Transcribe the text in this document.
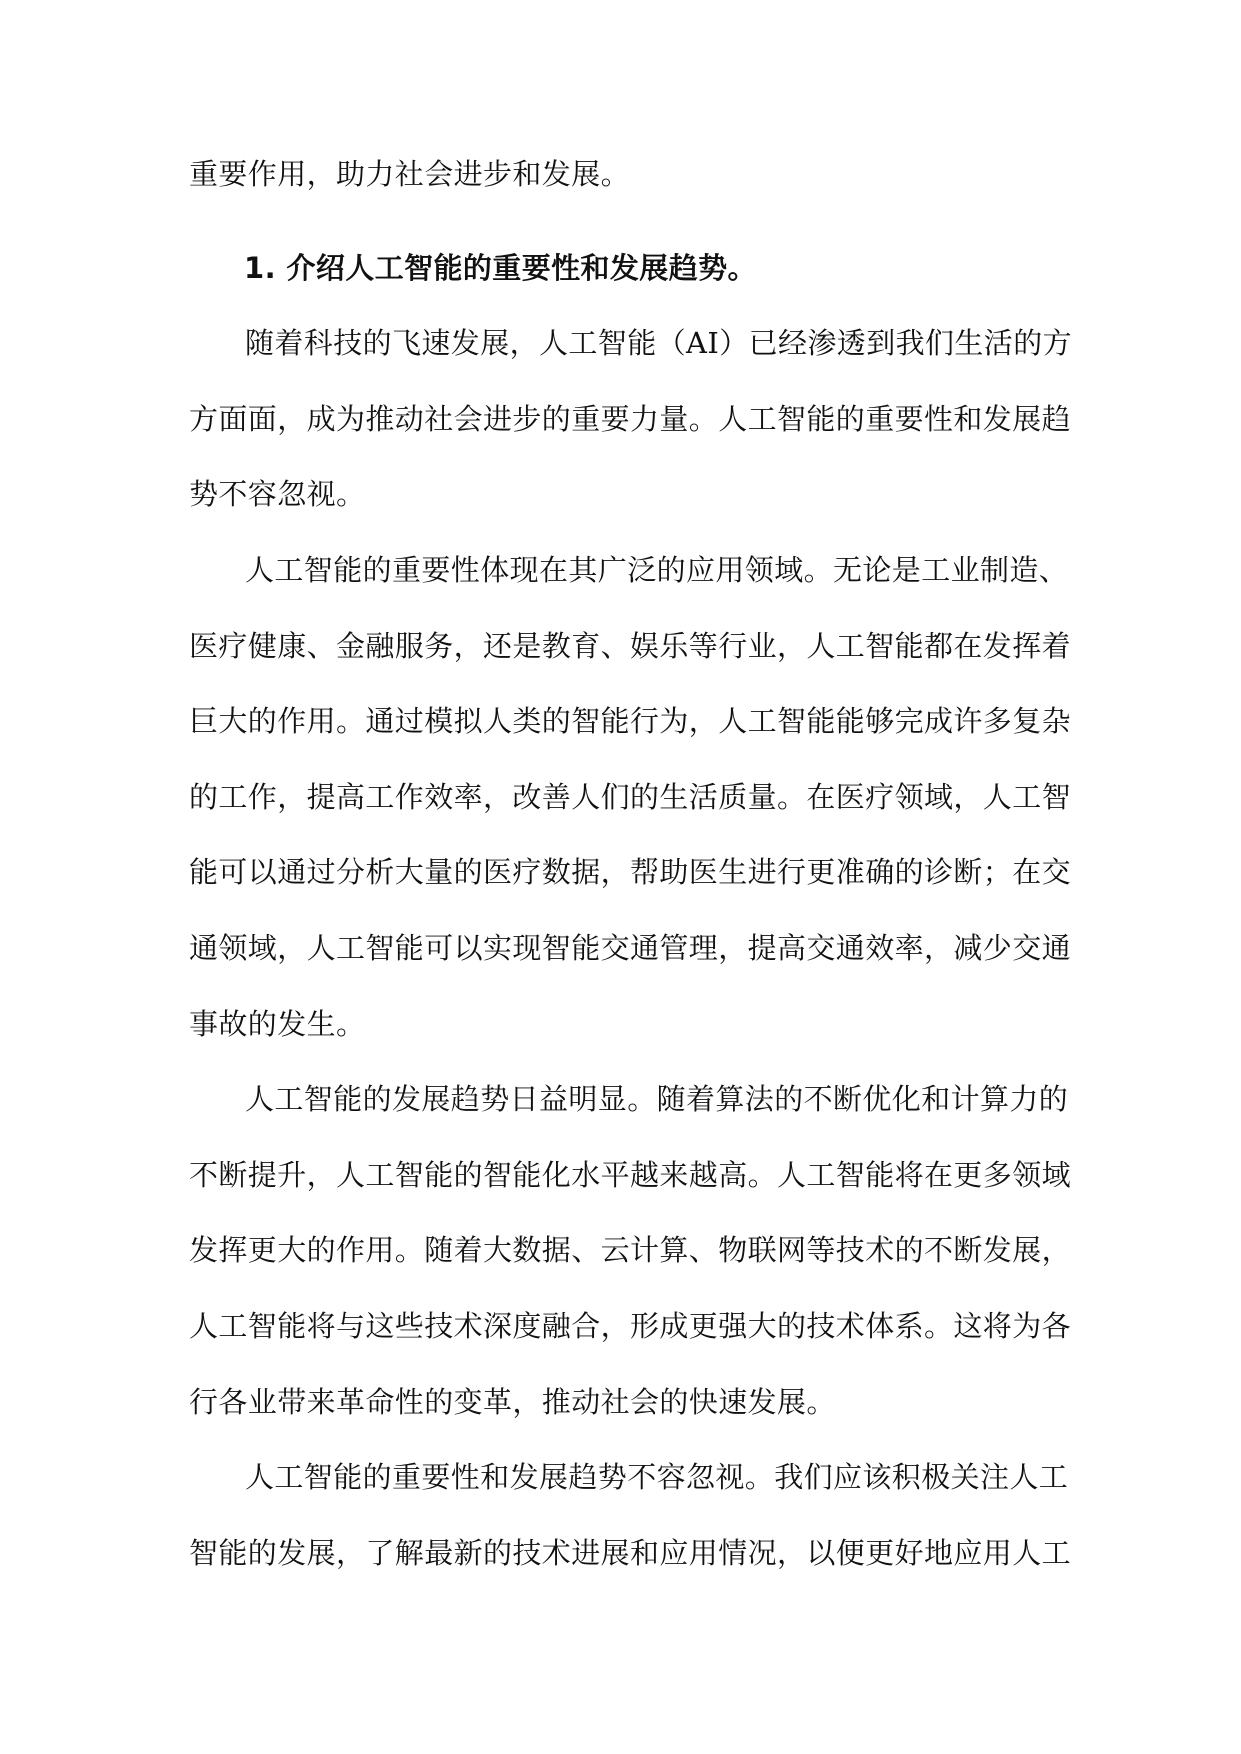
重要作用，助力社会进步和发展。
1. 介绍人工智能的重要性和发展趋势。
随着科技的飞速发展，人工智能（AI）已经渗透到我们生活的方
方面面，成为推动社会进步的重要力量。人工智能的重要性和发展趋
势不容忽视。
人工智能的重要性体现在其广泛的应用领域。无论是工业制造、
医疗健康、金融服务，还是教育、娱乐等行业，人工智能都在发挥着
巨大的作用。通过模拟人类的智能行为，人工智能能够完成许多复杂
的工作，提高工作效率，改善人们的生活质量。在医疗领域，人工智
能可以通过分析大量的医疗数据，帮助医生进行更准确的诊断；在交
通领域，人工智能可以实现智能交通管理，提高交通效率，减少交通
事故的发生。
人工智能的发展趋势日益明显。随着算法的不断优化和计算力的
不断提升，人工智能的智能化水平越来越高。人工智能将在更多领域
发挥更大的作用。随着大数据、云计算、物联网等技术的不断发展，
人工智能将与这些技术深度融合，形成更强大的技术体系。这将为各
行各业带来革命性的变革，推动社会的快速发展。
人工智能的重要性和发展趋势不容忽视。我们应该积极关注人工
智能的发展，了解最新的技术进展和应用情况，以便更好地应用人工
